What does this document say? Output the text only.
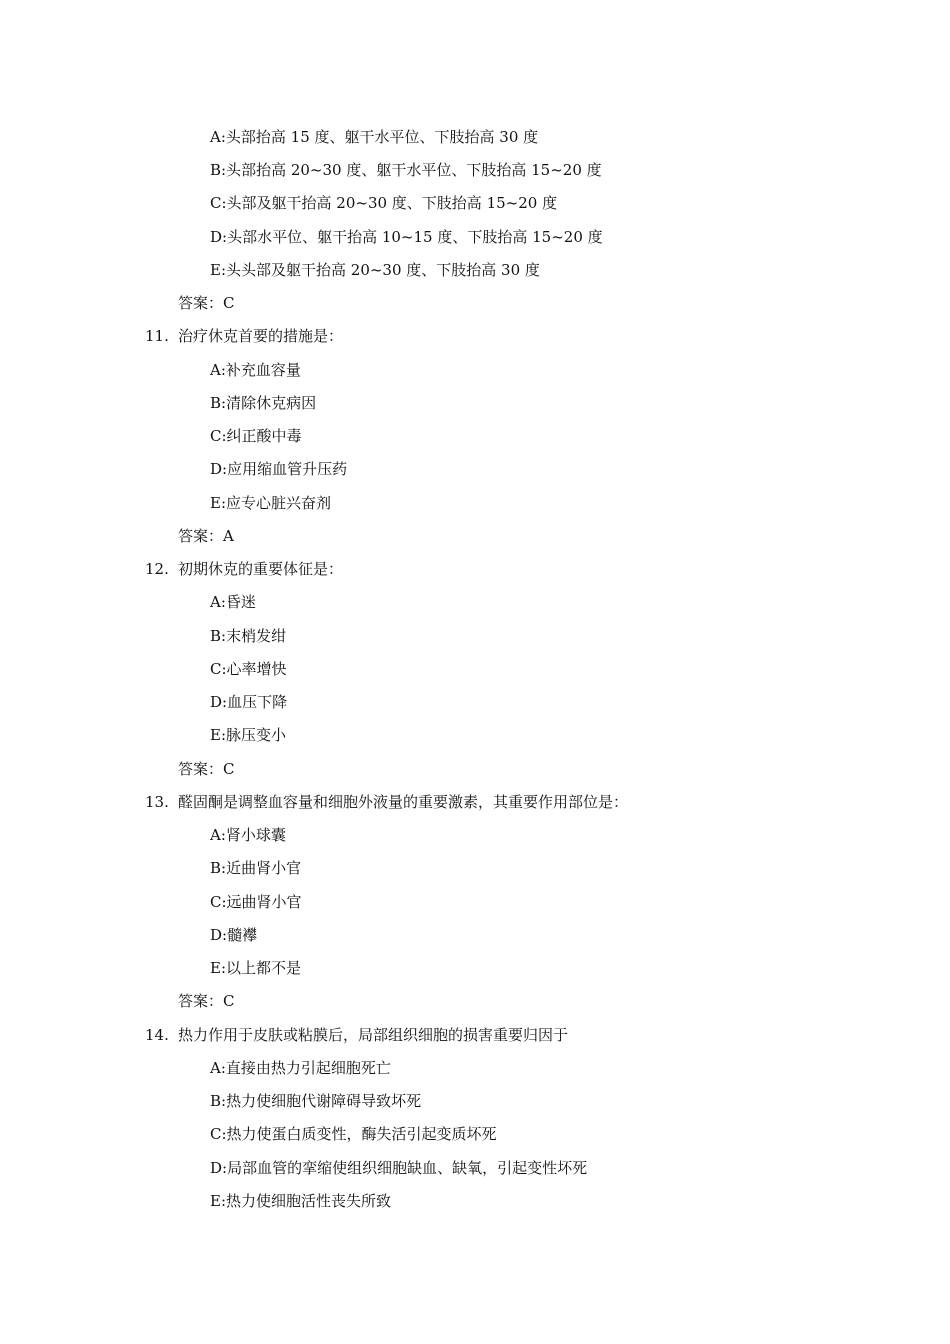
A:头部抬高 15 度、躯干水平位、下肢抬高 30 度
B:头部抬高 20~30 度、躯干水平位、下肢抬高 15~20 度
C:头部及躯干抬高 20~30 度、下肢抬高 15~20 度
D:头部水平位、躯干抬高 10~15 度、下肢抬高 15~20 度
E:头头部及躯干抬高 20~30 度、下肢抬高 30 度
答案：C
11. 治疗休克首要的措施是：
A:补充血容量
B:清除休克病因
C:纠正酸中毒
D:应用缩血管升压药
E:应专心脏兴奋剂
答案：A
12. 初期休克的重要体征是：
A:昏迷
B:末梢发绀
C:心率增快
D:血压下降
E:脉压变小
答案：C
13. 醛固酮是调整血容量和细胞外液量的重要激素，其重要作用部位是：
A:肾小球囊
B:近曲肾小官
C:远曲肾小官
D:髓襻
E:以上都不是
答案：C
14. 热力作用于皮肤或粘膜后，局部组织细胞的损害重要归因于
A:直接由热力引起细胞死亡
B:热力使细胞代谢障碍导致坏死
C:热力使蛋白质变性，酶失活引起变质坏死
D:局部血管的挛缩使组织细胞缺血、缺氧，引起变性坏死
E:热力使细胞活性丧失所致
